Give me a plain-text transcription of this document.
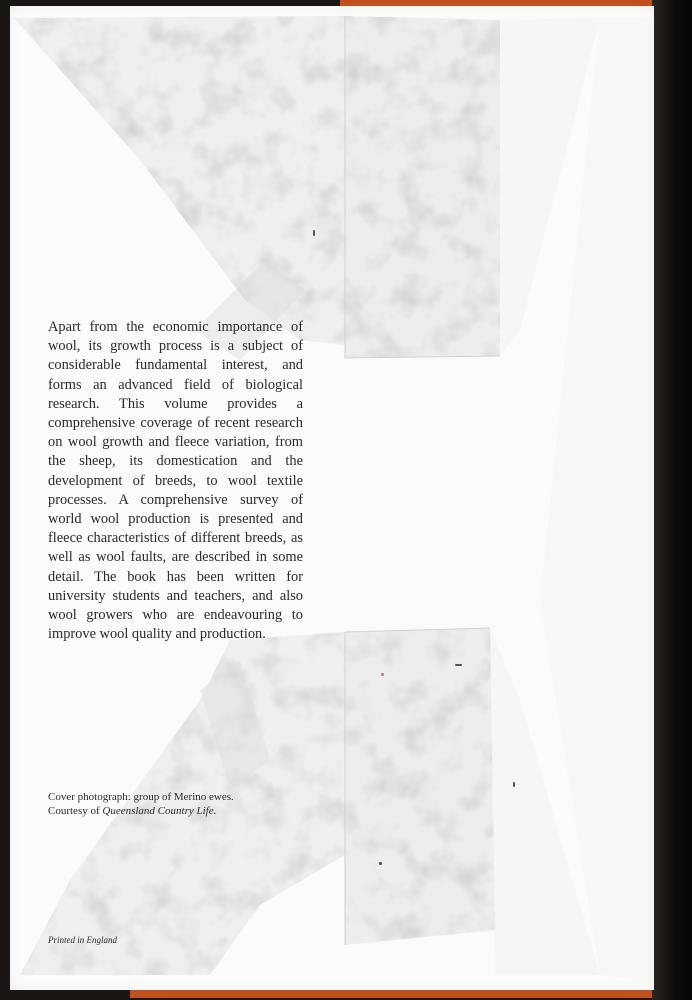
Apart from the economic importance of wool, its growth process is a subject of considerable fundamental interest, and forms an advanced field of biological research. This volume provides a comprehensive coverage of recent research on wool growth and fleece variation, from the sheep, its domestication and the development of breeds, to wool textile processes. A comprehensive survey of world wool production is presented and fleece characteristics of different breeds, as well as wool faults, are described in some detail. The book has been written for university students and teachers, and also wool growers who are endeavouring to improve wool quality and production.
Cover photograph: group of Merino ewes.
Courtesy of Queensland Country Life.
Printed in England
